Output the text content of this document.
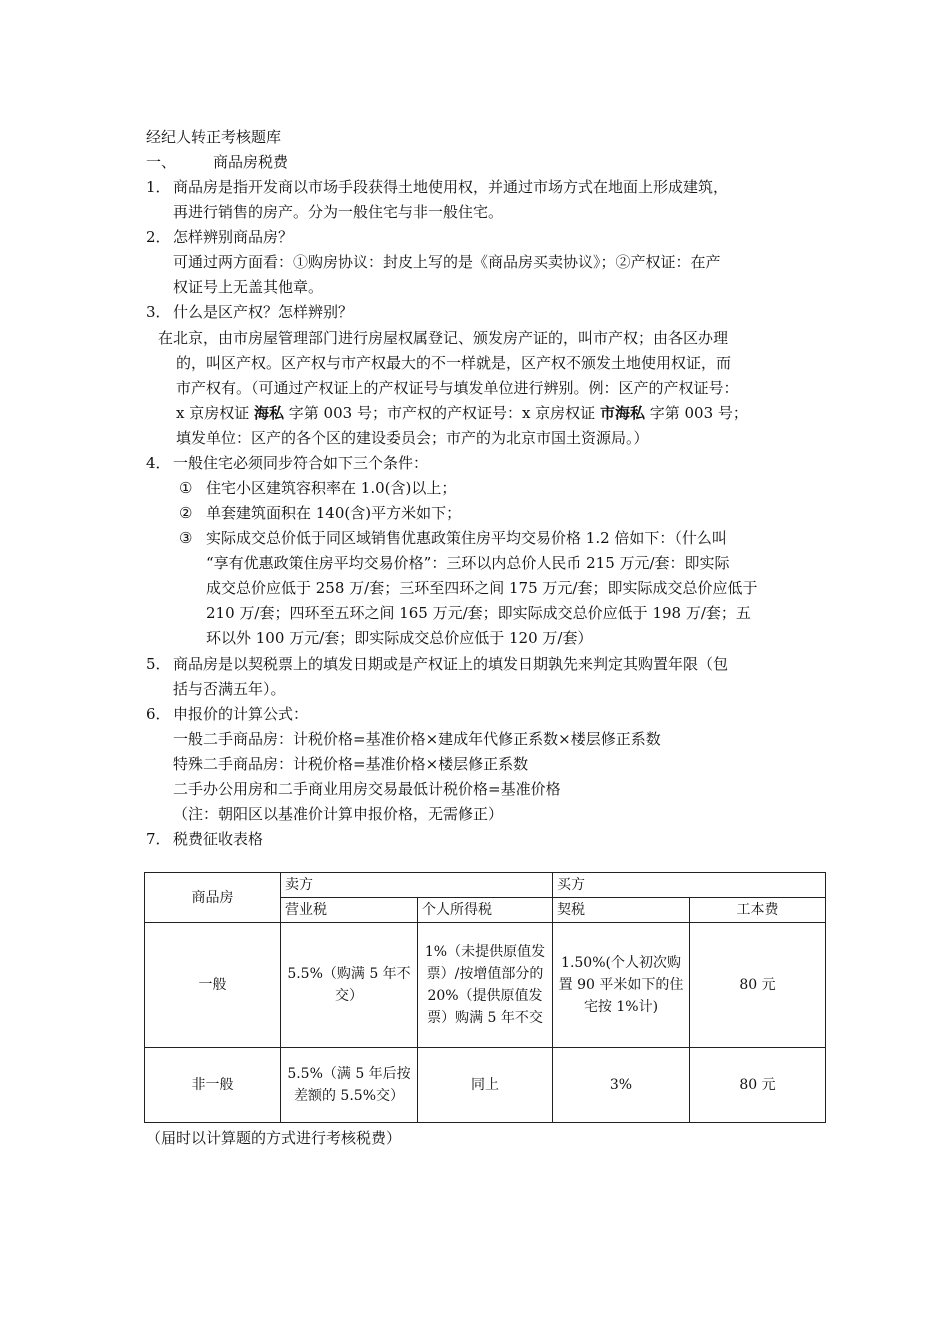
经纪人转正考核题库
一、 商品房税费
1． 商品房是指开发商以市场手段获得土地使用权，并通过市场方式在地面上形成建筑，
再进行销售的房产。分为一般住宅与非一般住宅。
2． 怎样辨别商品房？
可通过两方面看：①购房协议：封皮上写的是《商品房买卖协议》；②产权证：在产
权证号上无盖其他章。
3． 什么是区产权？怎样辨别？
在北京，由市房屋管理部门进行房屋权属登记、颁发房产证的，叫市产权；由各区办理
的，叫区产权。区产权与市产权最大的不一样就是，区产权不颁发土地使用权证，而
市产权有。（可通过产权证上的产权证号与填发单位进行辨别。例：区产的产权证号：
x 京房权证 海私 字第 003 号；市产权的产权证号：x 京房权证 市海私 字第 003 号；
填发单位：区产的各个区的建设委员会；市产的为北京市国土资源局。）
4． 一般住宅必须同步符合如下三个条件：
① 住宅小区建筑容积率在 1.0(含)以上；
② 单套建筑面积在 140(含)平方米如下；
③ 实际成交总价低于同区域销售优惠政策住房平均交易价格 1.2 倍如下：（什么叫
“享有优惠政策住房平均交易价格”：三环以内总价人民币 215 万元/套：即实际
成交总价应低于 258 万/套；三环至四环之间 175 万元/套；即实际成交总价应低于
210 万/套；四环至五环之间 165 万元/套；即实际成交总价应低于 198 万/套；五
环以外 100 万元/套；即实际成交总价应低于 120 万/套）
5． 商品房是以契税票上的填发日期或是产权证上的填发日期孰先来判定其购置年限（包
括与否满五年）。
6． 申报价的计算公式：
一般二手商品房：计税价格=基准价格×建成年代修正系数×楼层修正系数
特殊二手商品房：计税价格=基准价格×楼层修正系数
二手办公用房和二手商业用房交易最低计税价格=基准价格
（注：朝阳区以基准价计算申报价格，无需修正）
7． 税费征收表格
商品房	卖方		买方	
	营业税	个人所得税	契税	工本费
一般	5.5%（购满 5 年不交）	1%（未提供原值发票）/按增值部分的 20%（提供原值发票）购满 5 年不交	1.50%(个人初次购置 90 平米如下的住宅按 1%计)	80 元
非一般	5.5%（满 5 年后按差额的 5.5%交）	同上	3%	80 元
（届时以计算题的方式进行考核税费）
